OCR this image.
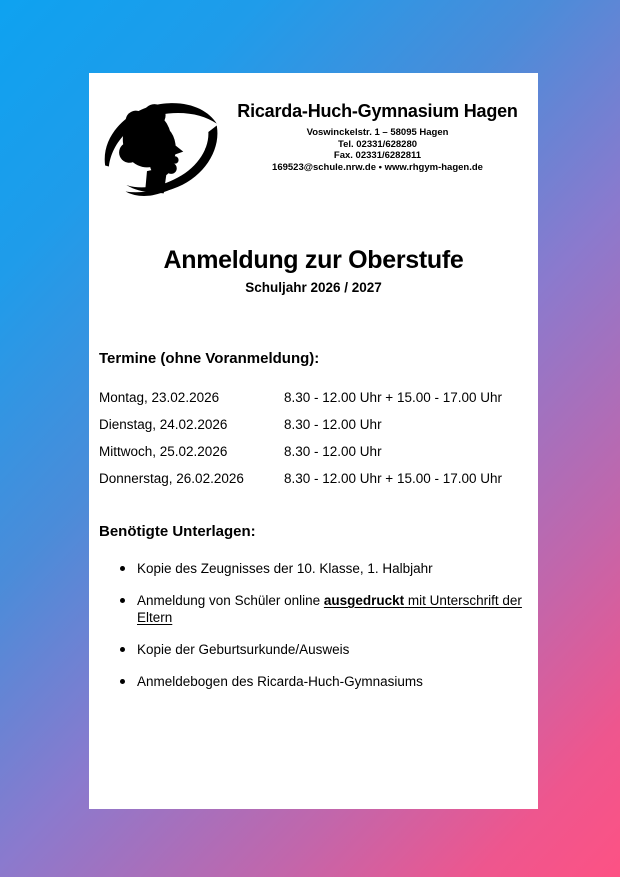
Ricarda-Huch-Gymnasium Hagen
Voswinckelstr. 1 – 58095 Hagen
Tel. 02331/628280
Fax. 02331/6282811
169523@schule.nrw.de • www.rhgym-hagen.de
Anmeldung zur Oberstufe
Schuljahr 2026 / 2027
Termine (ohne Voranmeldung):
Montag, 23.02.2026	8.30 - 12.00 Uhr + 15.00 - 17.00 Uhr
Dienstag, 24.02.2026	8.30 - 12.00 Uhr
Mittwoch, 25.02.2026	8.30 - 12.00 Uhr
Donnerstag, 26.02.2026	8.30 - 12.00 Uhr + 15.00 - 17.00 Uhr
Benötigte Unterlagen:
Kopie des Zeugnisses der 10. Klasse, 1. Halbjahr
Anmeldung von Schüler online ausgedruckt mit Unterschrift der
Eltern
Kopie der Geburtsurkunde/Ausweis
Anmeldebogen des Ricarda-Huch-Gymnasiums
